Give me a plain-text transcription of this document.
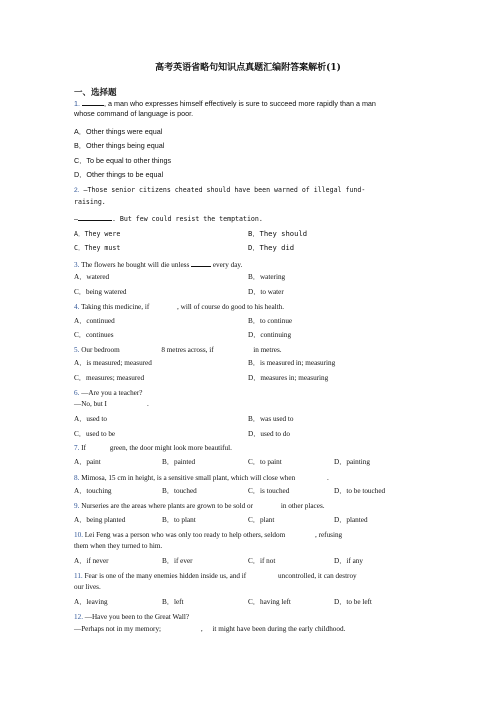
高考英语省略句知识点真题汇编附答案解析(1)
一、选择题
1.	, a man who expresses himself effectively is sure to succeed more rapidly than a man
whose command of language is poor.
A．Other things were equal
B．Other things being equal
C．To be equal to other things
D．Other things to be equal
2. —Those senior citizens cheated should have been warned of illegal fund-
raising.
—	. But few could resist the temptation.
A．They were	B．They should
C．They must	D．They did
3. The flowers he bought will die unless	every day.
A．watered	B．watering
C．being watered	D．to water
4. Taking this medicine, if	, will of course do good to his health.
A．continued	B．to continue
C．continues	D．continuing
5. Our bedroom	8 metres across, if	in metres.
A．is measured; measured	B．is measured in; measuring
C．measures; measured	D．measures in; measuring
6. —Are you a teacher?
—No, but I	.
A．used to	B．was used to
C．used to be	D．used to do
7. If	green, the door might look more beautiful.
A．paint	B．painted	C．to paint	D．painting
8. Mimosa, 15 cm in height, is a sensitive small plant, which will close when	.
A．touching	B．touched	C．is touched	D．to be touched
9. Nurseries are the areas where plants are grown to be sold or	in other places.
A．being planted	B．to plant	C．plant	D．planted
10. Lei Feng was a person who was only too ready to help others, seldom	, refusing
them when they turned to him.
A．if never	B．if ever	C．if not	D．if any
11. Fear is one of the many enemies hidden inside us, and if	uncontrolled, it can destroy
our lives.
A．leaving	B．left	C．having left	D．to be left
12. —Have you been to the Great Wall?
—Perhaps not in my memory;	, it might have been during the early childhood.
